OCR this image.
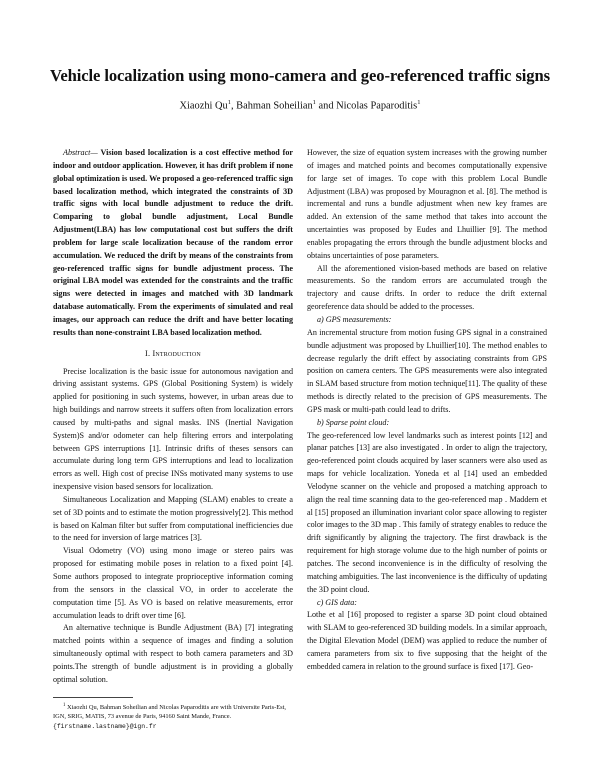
Vehicle localization using mono-camera and geo-referenced traffic signs
Xiaozhi Qu$^1$, Bahman Soheilian$^1$ and Nicolas Paparoditis$^1$

Abstract— Vision based localization is a cost effective method for indoor and outdoor application. However, it has drift problem if none global optimization is used. We proposed a geo-referenced traffic sign based localization method, which integrated the constraints of 3D traffic signs with local bundle adjustment to reduce the drift. Comparing to global bundle adjustment, Local Bundle Adjustment(LBA) has low computational cost but suffers the drift problem for large scale localization because of the random error accumulation. We reduced the drift by means of the constraints from geo-referenced traffic signs for bundle adjustment process. The original LBA model was extended for the constraints and the traffic signs were detected in images and matched with 3D landmark database automatically. From the experiments of simulated and real images, our approach can reduce the drift and have better locating results than none-constraint LBA based localization method.

I. Introduction

Precise localization is the basic issue for autonomous navigation and driving assistant systems. GPS (Global Positioning System) is widely applied for positioning in such systems, however, in urban areas due to high buildings and narrow streets it suffers often from localization errors caused by multi-paths and signal masks. INS (Inertial Navigation System)S and/or odometer can help filtering errors and interpolating between GPS interruptions [1]. Intrinsic drifts of theses sensors can accumulate during long term GPS interruptions and lead to localization errors as well. High cost of precise INSs motivated many systems to use inexpensive vision based sensors for localization.

Simultaneous Localization and Mapping (SLAM) enables to create a set of 3D points and to estimate the motion progressively[2]. This method is based on Kalman filter but suffer from computational inefficiencies due to the need for inversion of large matrices [3].

Visual Odometry (VO) using mono image or stereo pairs was proposed for estimating mobile poses in relation to a fixed point [4]. Some authors proposed to integrate proprioceptive information coming from the sensors in the classical VO, in order to accelerate the computation time [5]. As VO is based on relative measurements, error accumulation leads to drift over time [6].

An alternative technique is Bundle Adjustment (BA) [7] integrating matched points within a sequence of images and finding a solution simultaneously optimal with respect to both camera parameters and 3D points.The strength of bundle adjustment is in providing a globally optimal solution.

$^1$ Xiaozhi Qu, Bahman Soheilian and Nicolas Paparoditis are with Universite Paris-Est, IGN, SRIG, MATIS, 73 avenue de Paris, 94160 Saint Mande, France. {firstname.lastname}@ign.fr

However, the size of equation system increases with the growing number of images and matched points and becomes computationally expensive for large set of images. To cope with this problem Local Bundle Adjustment (LBA) was proposed by Mouragnon et al. [8]. The method is incremental and runs a bundle adjustment when new key frames are added. An extension of the same method that takes into account the uncertainties was proposed by Eudes and Lhuillier [9]. The method enables propagating the errors through the bundle adjustment blocks and obtains uncertainties of pose parameters.

All the aforementioned vision-based methods are based on relative measurements. So the random errors are accumulated trough the trajectory and cause drifts. In order to reduce the drift external georeference data should be added to the processes.

a) GPS measurements:

An incremental structure from motion fusing GPS signal in a constrained bundle adjustment was proposed by Lhuillier[10]. The method enables to decrease regularly the drift effect by associating constraints from GPS position on camera centers. The GPS measurements were also integrated in SLAM based structure from motion technique[11]. The quality of these methods is directly related to the precision of GPS measurements. The GPS mask or multi-path could lead to drifts.

b) Sparse point cloud:

The geo-referenced low level landmarks such as interest points [12] and planar patches [13] are also investigated . In order to align the trajectory, geo-referenced point clouds acquired by laser scanners were also used as maps for vehicle localization. Yoneda et al [14] used an embedded Velodyne scanner on the vehicle and proposed a matching approach to align the real time scanning data to the geo-referenced map . Maddern et al [15] proposed an illumination invariant color space allowing to register color images to the 3D map . This family of strategy enables to reduce the drift significantly by aligning the trajectory. The first drawback is the requirement for high storage volume due to the high number of points or patches. The second inconvenience is in the difficulty of resolving the matching ambiguities. The last inconvenience is the difficulty of updating the 3D point cloud.

c) GIS data:

Lothe et al [16] proposed to register a sparse 3D point cloud obtained with SLAM to geo-referenced 3D building models. In a similar approach, the Digital Elevation Model (DEM) was applied to reduce the number of camera parameters from six to five supposing that the height of the embedded camera in relation to the ground surface is fixed [17]. Geo-
